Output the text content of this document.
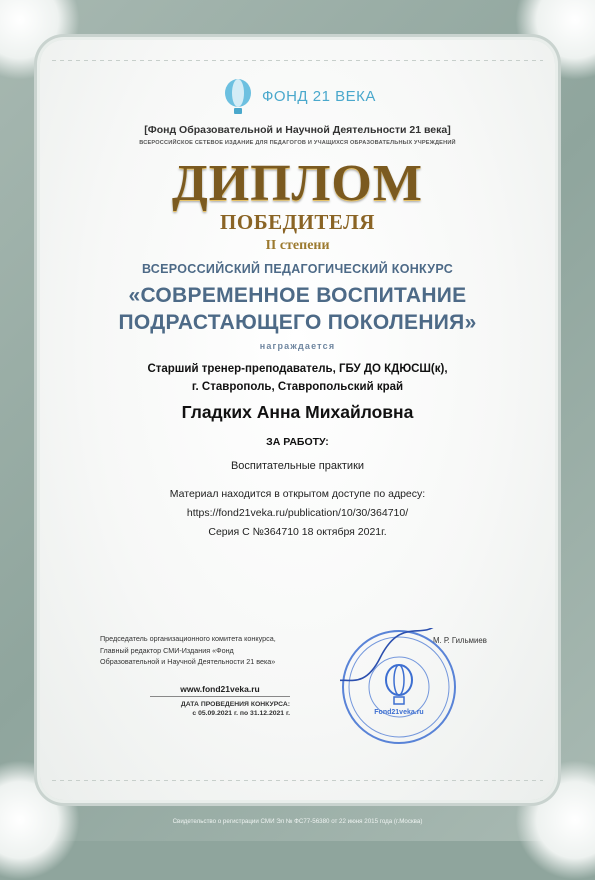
ФОНД 21 ВЕКА
[Фонд Образовательной и Научной Деятельности 21 века]
ВСЕРОССИЙСКОЕ СЕТЕВОЕ ИЗДАНИЕ ДЛЯ ПЕДАГОГОВ И УЧАЩИХСЯ ОБРАЗОВАТЕЛЬНЫХ УЧРЕЖДЕНИЙ
ДИПЛОМ
ПОБЕДИТЕЛЯ
II степени
ВСЕРОССИЙСКИЙ ПЕДАГОГИЧЕСКИЙ КОНКУРС
«СОВРЕМЕННОЕ ВОСПИТАНИЕ
ПОДРАСТАЮЩЕГО ПОКОЛЕНИЯ»
награждается
Старший тренер-преподаватель, ГБУ ДО КДЮСШ(к),
г. Ставрополь, Ставропольский край
Гладких Анна Михайловна
ЗА РАБОТУ:
Воспитательные практики
Материал находится в открытом доступе по адресу:
https://fond21veka.ru/publication/10/30/364710/
Серия С №364710 18 октября 2021г.
Председатель организационного комитета конкурса,
Главный редактор СМИ-Издания «Фонд
Образовательной и Научной Деятельности 21 века»
www.fond21veka.ru
ДАТА ПРОВЕДЕНИЯ КОНКУРСА:
с 05.09.2021 г. по 31.12.2021 г.
М. Р. Гильмиев
Fond21veka.ru
Свидетельство о регистрации СМИ Эл № ФС77-56380 от 22 июня 2015 года (г.Москва)
